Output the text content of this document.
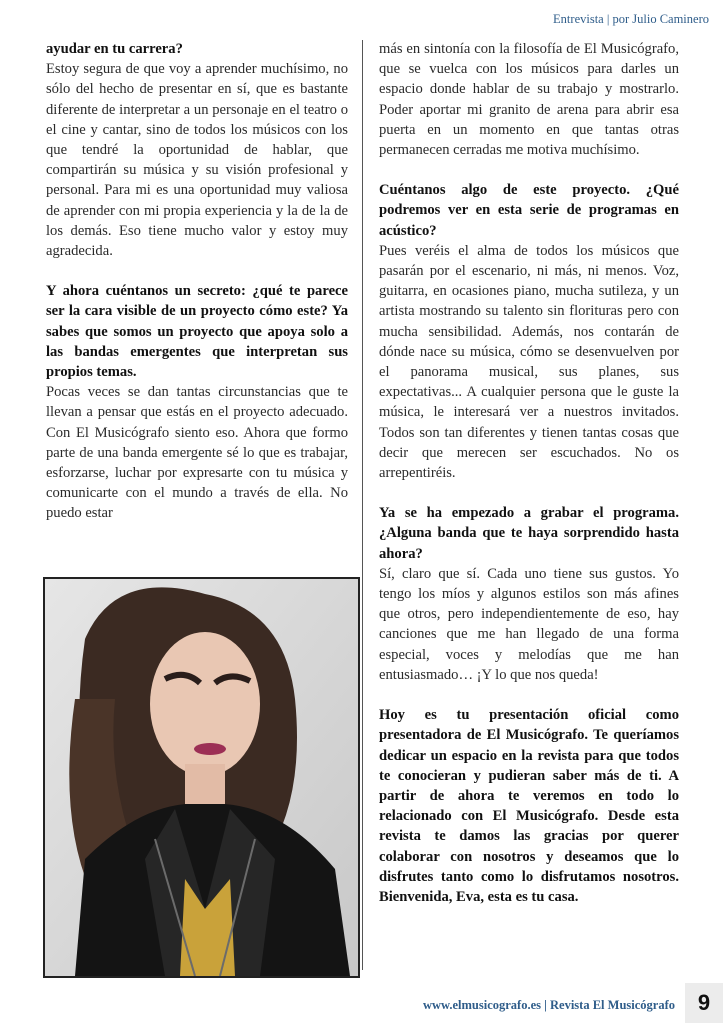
Entrevista | por Julio Caminero

ayudar en tu carrera?

Estoy segura de que voy a aprender muchísimo, no sólo del hecho de presentar en sí, que es bastante diferente de interpretar a un personaje en el teatro o el cine y cantar, sino de todos los músicos con los que tendré la oportunidad de hablar, que compartirán su música y su visión profesional y personal. Para mi es una oportunidad muy valiosa de aprender con mi propia experiencia y la de la de los demás. Eso tiene mucho valor y estoy muy agradecida.

Y ahora cuéntanos un secreto: ¿qué te parece ser la cara visible de un proyecto cómo este? Ya sabes que somos un proyecto que apoya solo a las bandas emergentes que interpretan sus propios temas.

Pocas veces se dan tantas circunstancias que te llevan a pensar que estás en el proyecto adecuado. Con El Musicógrafo siento eso. Ahora que formo parte de una banda emergente sé lo que es trabajar, esforzarse, luchar por expresarte con tu música y comunicarte con el mundo a través de ella. No puedo estar

más en sintonía con la filosofía de El Musicógrafo, que se vuelca con los músicos para darles un espacio donde hablar de su trabajo y mostrarlo. Poder aportar mi granito de arena para abrir esa puerta en un momento en que tantas otras permanecen cerradas me motiva muchísimo.

Cuéntanos algo de este proyecto. ¿Qué podremos ver en esta serie de programas en acústico?

Pues veréis el alma de todos los músicos que pasarán por el escenario, ni más, ni menos. Voz, guitarra, en ocasiones piano, mucha sutileza, y un artista mostrando su talento sin florituras pero con mucha sensibilidad. Además, nos contarán de dónde nace su música, cómo se desenvuelven por el panorama musical, sus planes, sus expectativas... A cualquier persona que le guste la música, le interesará ver a nuestros invitados. Todos son tan diferentes y tienen tantas cosas que decir que merecen ser escuchados. No os arrepentiréis.

Ya se ha empezado a grabar el programa. ¿Alguna banda que te haya sorprendido hasta ahora?

Sí, claro que sí. Cada uno tiene sus gustos. Yo tengo los míos y algunos estilos son más afines que otros, pero independientemente de eso, hay canciones que me han llegado de una forma especial, voces y melodías que me han entusiasmado… ¡Y lo que nos queda!

Hoy es tu presentación oficial como presentadora de El Musicógrafo. Te queríamos dedicar un espacio en la revista para que todos te conocieran y pudieran saber más de ti. A partir de ahora te veremos en todo lo relacionado con El Musicógrafo. Desde esta revista te damos las gracias por querer colaborar con nosotros y deseamos que lo disfrutes tanto como lo disfrutamos nosotros. Bienvenida, Eva, esta es tu casa.

www.elmusicografo.es | Revista El Musicógrafo	9
